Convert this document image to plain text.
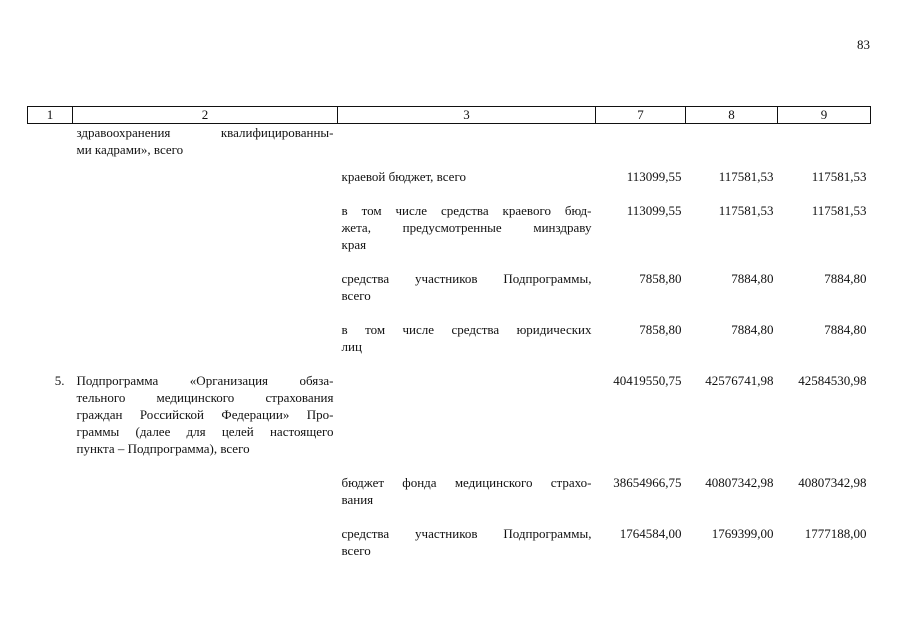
83
1	2	3	7	8	9

	здравоохранения квалифицированны-
ми кадрами», всего				

		краевой бюджет, всего	113099,55	117581,53	117581,53

		в том числе средства краевого бюд-
жета, предусмотренные минздраву
края	113099,55	117581,53	117581,53

		средства участников Подпрограммы,
всего	7858,80	7884,80	7884,80

		в том числе средства юридических
лиц	7858,80	7884,80	7884,80
5.	Подпрограмма «Организация обяза-
тельного медицинского страхования
граждан Российской Федерации» Про-
граммы (далее для целей настоящего
пункта – Подпрограмма), всего		40419550,75	42576741,98	42584530,98

		бюджет фонда медицинского страхо-
вания	38654966,75	40807342,98	40807342,98

		средства участников Подпрограммы,
всего	1764584,00	1769399,00	1777188,00
